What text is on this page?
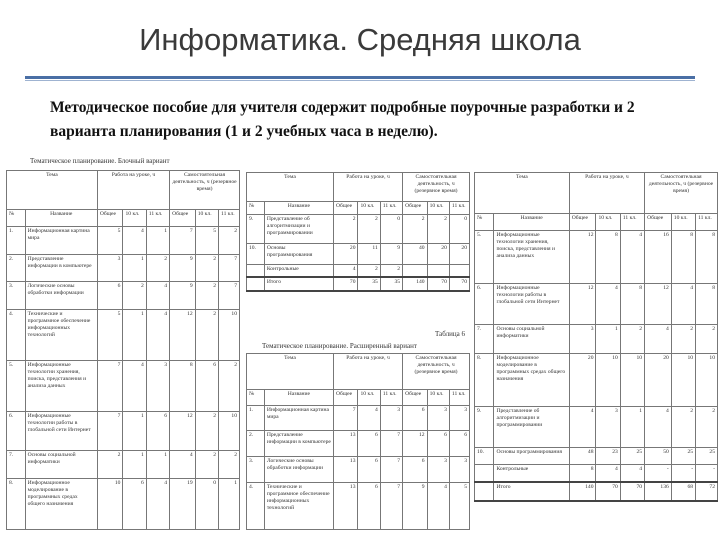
Информатика. Средняя школа
Методическое пособие для учителя содержит подробные поурочные разработки и 2 варианта планирования (1 и 2 учебных часа в неделю).
Тематическое планирование. Блочный вариант
Таблица 6
Тематическое планирование. Расширенный вариант
Тема		Работа на уроке, ч			Самостоятельная деятельность, ч (резервное время)		
№	Название	Общее	10 кл.	11 кл.	Общее	10 кл.	11 кл.
1.	Информационная картина мира	5	4	1	7	5	2
2.	Представление информации в компьютере	3	1	2	9	2	7
3.	Логические основы обработки информации	6	2	4	9	2	7
4.	Технические и программное обеспечение информационных технологий	5	1	4	12	2	10
5.	Информационные технологии хранения, поиска, представления и анализа данных	7	4	3	8	6	2
6.	Информационные технологии работы в глобальной сети Интернет	7	1	6	12	2	10
7.	Основы социальной информатики	2	1	1	4	2	2
8.	Информационное моделирование в программных средах общего назначения	10	6	4	19	0	1
Тема		Работа на уроке, ч			Самостоятельная деятельность, ч (резервное время)		
№	Название	Общее	10 кл.	11 кл.	Общее	10 кл.	11 кл.
9.	Представление об алгоритмизации и программировании	2	2	0	2	2	0
10.	Основы программирования	20	11	9	40	20	20
	Контрольные	4	2	2			
	Итого	70	35	35	140	70	70
Тема		Работа на уроке, ч			Самостоятельная деятельность, ч (резервное время)		
№	Название	Общее	10 кл.	11 кл.	Общее	10 кл.	11 кл.
1.	Информационная картина мира	7	4	3	6	3	3
2.	Представление информации в компьютере	13	6	7	12	6	6
3.	Логические основы обработки информации	13	6	7	6	3	3
4.	Технические и программное обеспечение информационных технологий	13	6	7	9	4	5
Тема		Работа на уроке, ч			Самостоятельная деятельность, ч (резервное время)		
№	Название	Общее	10 кл.	11 кл.	Общее	10 кл.	11 кл.
5.	Информационные технологии хранения, поиска, представления и анализа данных	12	8	4	16	8	8
6.	Информационные технологии работы в глобальной сети Интернет	12	4	8	12	4	8
7.	Основы социальной информатики	3	1	2	4	2	2
8.	Информационное моделирование в программных средах общего назначения	20	10	10	20	10	10
9.	Представление об алгоритмизации и программировании	4	3	1	4	2	2
10.	Основы программирования	48	23	25	50	25	25
	Контрольные	8	4	4	-	-	-
	Итого	140	70	70	136	68	72
